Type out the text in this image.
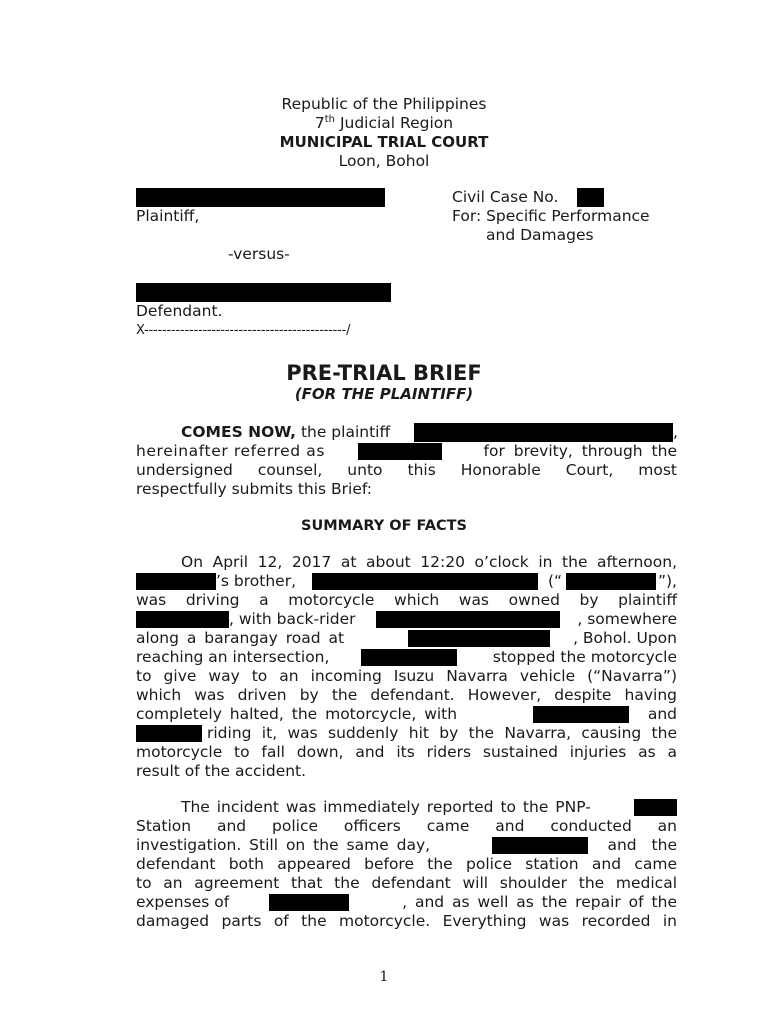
Republic of the Philippines
7th Judicial Region
MUNICIPAL TRIAL COURT
Loon, Bohol
Plaintiff,
-versus-
Defendant.
X---------------------------------------------/
Civil Case No.
For: Specific Performance
and Damages
PRE-TRIAL BRIEF
(FOR THE PLAINTIFF)
COMES NOW, the plaintiff	,
hereinafter referred as	for brevity, through the
undersigned counsel, unto this Honorable Court, most
respectfully submits this Brief:
SUMMARY OF FACTS
On April 12, 2017 at about 12:20 o’clock in the afternoon,
’s brother,	(“	”),
was driving a motorcycle which was owned by plaintiff
, with back-rider	, somewhere
along a barangay road at	, Bohol. Upon
reaching an intersection,	stopped the motorcycle
to give way to an incoming Isuzu Navarra vehicle (“Navarra”)
which was driven by the defendant. However, despite having
completely halted, the motorcycle, with	and
riding it, was suddenly hit by the Navarra, causing the
motorcycle to fall down, and its riders sustained injuries as a
result of the accident.
The incident was immediately reported to the PNP-
Station and police officers came and conducted an
investigation. Still on the same day,	and the
defendant both appeared before the police station and came
to an agreement that the defendant will shoulder the medical
expenses of	, and as well as the repair of the
damaged parts of the motorcycle. Everything was recorded in
1
